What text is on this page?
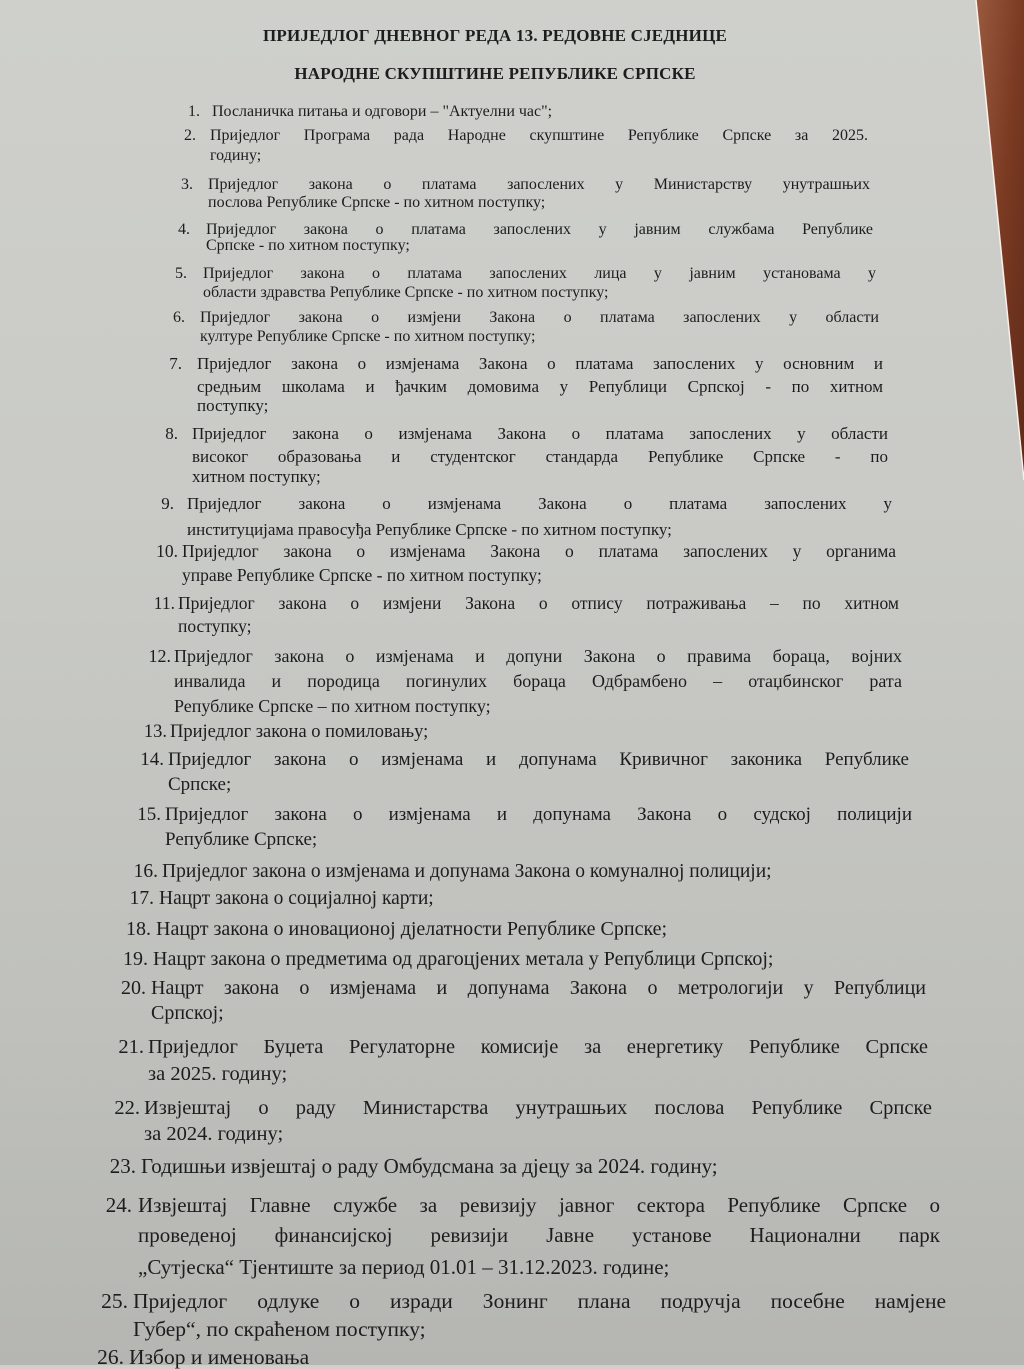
ПРИЈЕДЛОГ ДНЕВНОГ РЕДА 13. РЕДОВНЕ СЈЕДНИЦЕ
НАРОДНЕ СКУПШТИНЕ РЕПУБЛИКЕ СРПСКЕ
1. Посланичка питања и одговори – "Актуелни час";
2. Приједлог Програма рада Народне скупштине Републике Српске за 2025.
годину;
3. Приједлог закона о платама запослених у Министарству унутрашњих
послова Републике Српске - по хитном поступку;
4. Приједлог закона о платама запослених у јавним службама Републике
Српске - по хитном поступку;
5. Приједлог закона о платама запослених лица у јавним установама у
области здравства Републике Српске - по хитном поступку;
6. Приједлог закона о измјени Закона о платама запослених у области
културе Републике Српске - по хитном поступку;
7. Приједлог закона о измјенама Закона о платама запослених у основним и
средњим школама и ђачким домовима у Републици Српској - по хитном
поступку;
8. Приједлог закона о измјенама Закона о платама запослених у области
високог образовања и студентског стандарда Републике Српске - по
хитном поступку;
9. Приједлог закона о измјенама Закона о платама запослених у
институцијама правосуђа Републике Српске - по хитном поступку;
10. Приједлог закона о измјенама Закона о платама запослених у органима
управе Републике Српске - по хитном поступку;
11. Приједлог закона о измјени Закона о отпису потраживања – по хитном
поступку;
12. Приједлог закона о измјенама и допуни Закона о правима бораца, војних
инвалида и породица погинулих бораца Одбрамбено – отаџбинског рата
Републике Српске – по хитном поступку;
13. Приједлог закона о помиловању;
14. Приједлог закона о измјенама и допунама Кривичног законика Републике
Српске;
15. Приједлог закона о измјенама и допунама Закона о судској полицији
Републике Српске;
16. Приједлог закона о измјенама и допунама Закона о комуналној полицији;
17. Нацрт закона о социјалној карти;
18. Нацрт закона о иновационој дјелатности Републике Српске;
19. Нацрт закона о предметима од драгоцјених метала у Републици Српској;
20. Нацрт закона о измјенама и допунама Закона о метрологији у Републици
Српској;
21. Приједлог Буџета Регулаторне комисије за енергетику Републике Српске
за 2025. годину;
22. Извјештај о раду Министарства унутрашњих послова Републике Српске
за 2024. годину;
23. Годишњи извјештај о раду Омбудсмана за дјецу за 2024. годину;
24. Извјештај Главне службе за ревизију јавног сектора Републике Српске о
проведеној финансијској ревизији Јавне установе Национални парк
„Сутјеска“ Тјентиште за период 01.01 – 31.12.2023. године;
25. Приједлог одлуке о изради Зонинг плана подручја посебне намјене
Губер“, по скраћеном поступку;
26. Избор и именовања
